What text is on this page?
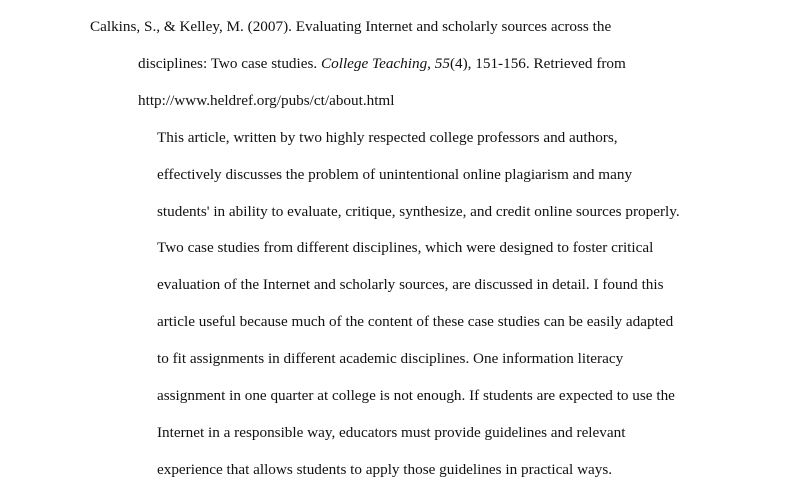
Calkins, S., & Kelley, M. (2007). Evaluating Internet and scholarly sources across the

disciplines: Two case studies. College Teaching, 55(4), 151-156. Retrieved from

http://www.heldref.org/pubs/ct/about.html

This article, written by two highly respected college professors and authors,

effectively discusses the problem of unintentional online plagiarism and many

students' in ability to evaluate, critique, synthesize, and credit online sources properly.

Two case studies from different disciplines, which were designed to foster critical

evaluation of the Internet and scholarly sources, are discussed in detail. I found this

article useful because much of the content of these case studies can be easily adapted

to fit assignments in different academic disciplines. One information literacy

assignment in one quarter at college is not enough. If students are expected to use the

Internet in a responsible way, educators must provide guidelines and relevant

experience that allows students to apply those guidelines in practical ways.
